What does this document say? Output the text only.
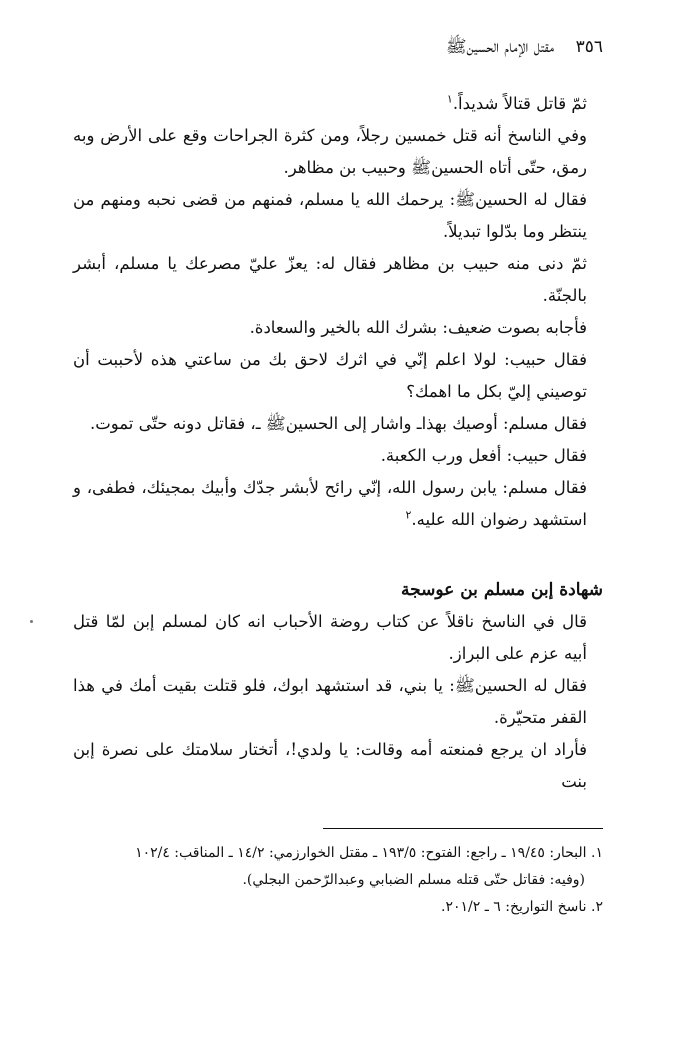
٣٥٦    مقتل الإمام الحسين‌ﷺ

ثمّ قاتل قتالاً شديداً.$^١$

وفي الناسخ أنه قتل خمسين رجلاً، ومن كثرة الجراحات وقع على الأرض وبه رمق، حتّى أتاه الحسين‌ﷺ وحبيب بن مظاهر.

فقال له الحسين‌ﷺ: يرحمك الله يا مسلم، فمنهم من قضى نحبه ومنهم من ينتظر وما بدّلوا تبديلاً.

ثمّ دنى منه حبيب بن مظاهر فقال له: يعزّ عليّ مصرعك يا مسلم، أبشر بالجنّة.

فأجابه بصوت ضعيف: بشرك الله بالخير والسعادة.

فقال حبيب: لولا اعلم إنّي في اثرك لاحق بك من ساعتي هذه لأحببت أن توصيني إليّ بكل ما اهمك؟

فقال مسلم: أوصيك بهذاـ واشار إلى الحسين‌ﷺ ـ، فقاتل دونه حتّى تموت.

فقال حبيب: أفعل ورب الكعبة.

فقال مسلم: يابن رسول الله، إنّي رائح لأبشر جدّك وأبيك بمجيئك، فطفى، و استشهد رضوان الله عليه.$^٢$

شهادة إبن مسلم بن عوسجة

قال في الناسخ ناقلاً عن كتاب روضة الأحباب انه كان لمسلم إبن لمّا قتل أبيه عزم على البراز.

فقال له الحسين‌ﷺ: يا بني، قد استشهد ابوك، فلو قتلت بقيت أمك في هذا القفر متحيّرة.

فأراد ان يرجع فمنعته أمه وقالت: يا ولدي!، أتختار سلامتك على نصرة إبن بنت

١. البحار: ١٩/٤٥ ـ راجع: الفتوح: ١٩٣/٥ ـ مقتل الخوارزمي: ١٤/٢ ـ المناقب: ١٠٢/٤

(وفيه: فقاتل حتّى قتله مسلم الضبابي وعبدالرّحمن البجلي).

٢. ناسخ التواريخ: ٦ ـ ٢٠١/٢.
